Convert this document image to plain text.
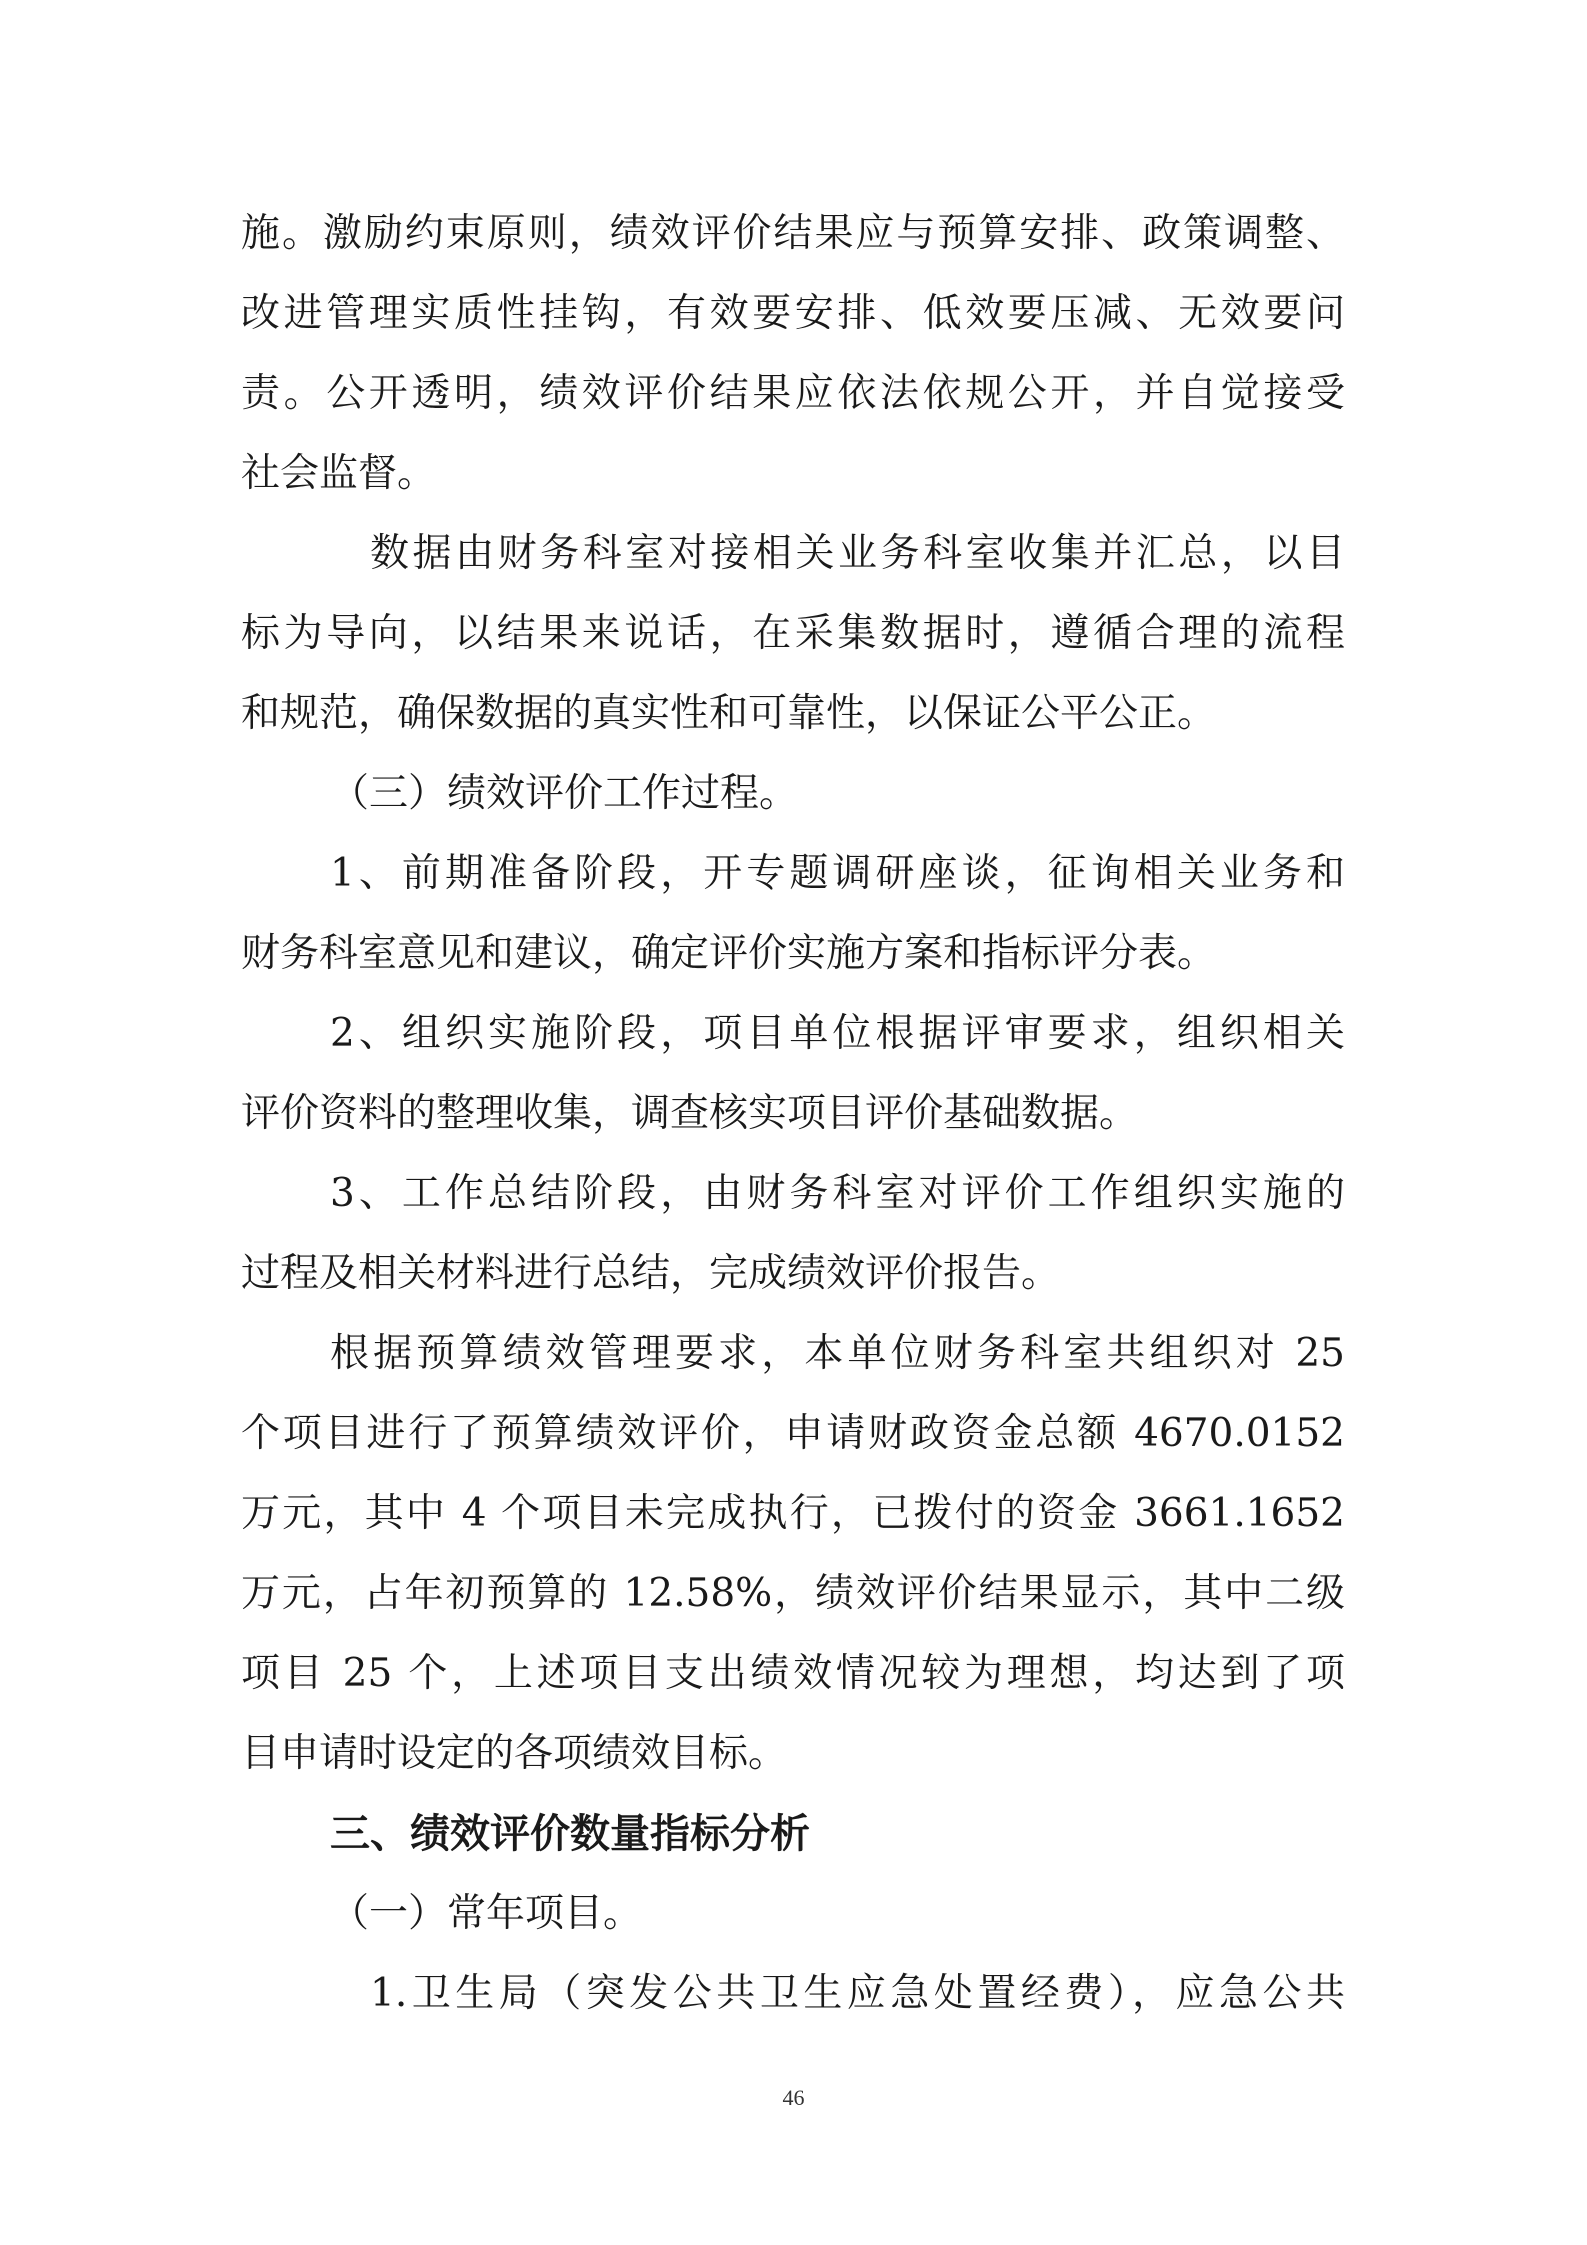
施。激励约束原则，绩效评价结果应与预算安排、政策调整、
改进管理实质性挂钩，有效要安排、低效要压减、无效要问
责。公开透明，绩效评价结果应依法依规公开，并自觉接受
社会监督。
数据由财务科室对接相关业务科室收集并汇总，以目
标为导向，以结果来说话，在采集数据时，遵循合理的流程
和规范，确保数据的真实性和可靠性，以保证公平公正。
（三）绩效评价工作过程。
1、前期准备阶段，开专题调研座谈，征询相关业务和
财务科室意见和建议，确定评价实施方案和指标评分表。
2、组织实施阶段，项目单位根据评审要求，组织相关
评价资料的整理收集，调查核实项目评价基础数据。
3、工作总结阶段，由财务科室对评价工作组织实施的
过程及相关材料进行总结，完成绩效评价报告。
根据预算绩效管理要求，本单位财务科室共组织对 25
个项目进行了预算绩效评价，申请财政资金总额 4670.0152
万元，其中 4 个项目未完成执行，已拨付的资金 3661.1652
万元，占年初预算的 12.58%，绩效评价结果显示，其中二级
项目 25 个，上述项目支出绩效情况较为理想，均达到了项
目申请时设定的各项绩效目标。
三、绩效评价数量指标分析
（一）常年项目。
1.卫生局（突发公共卫生应急处置经费），应急公共
46
